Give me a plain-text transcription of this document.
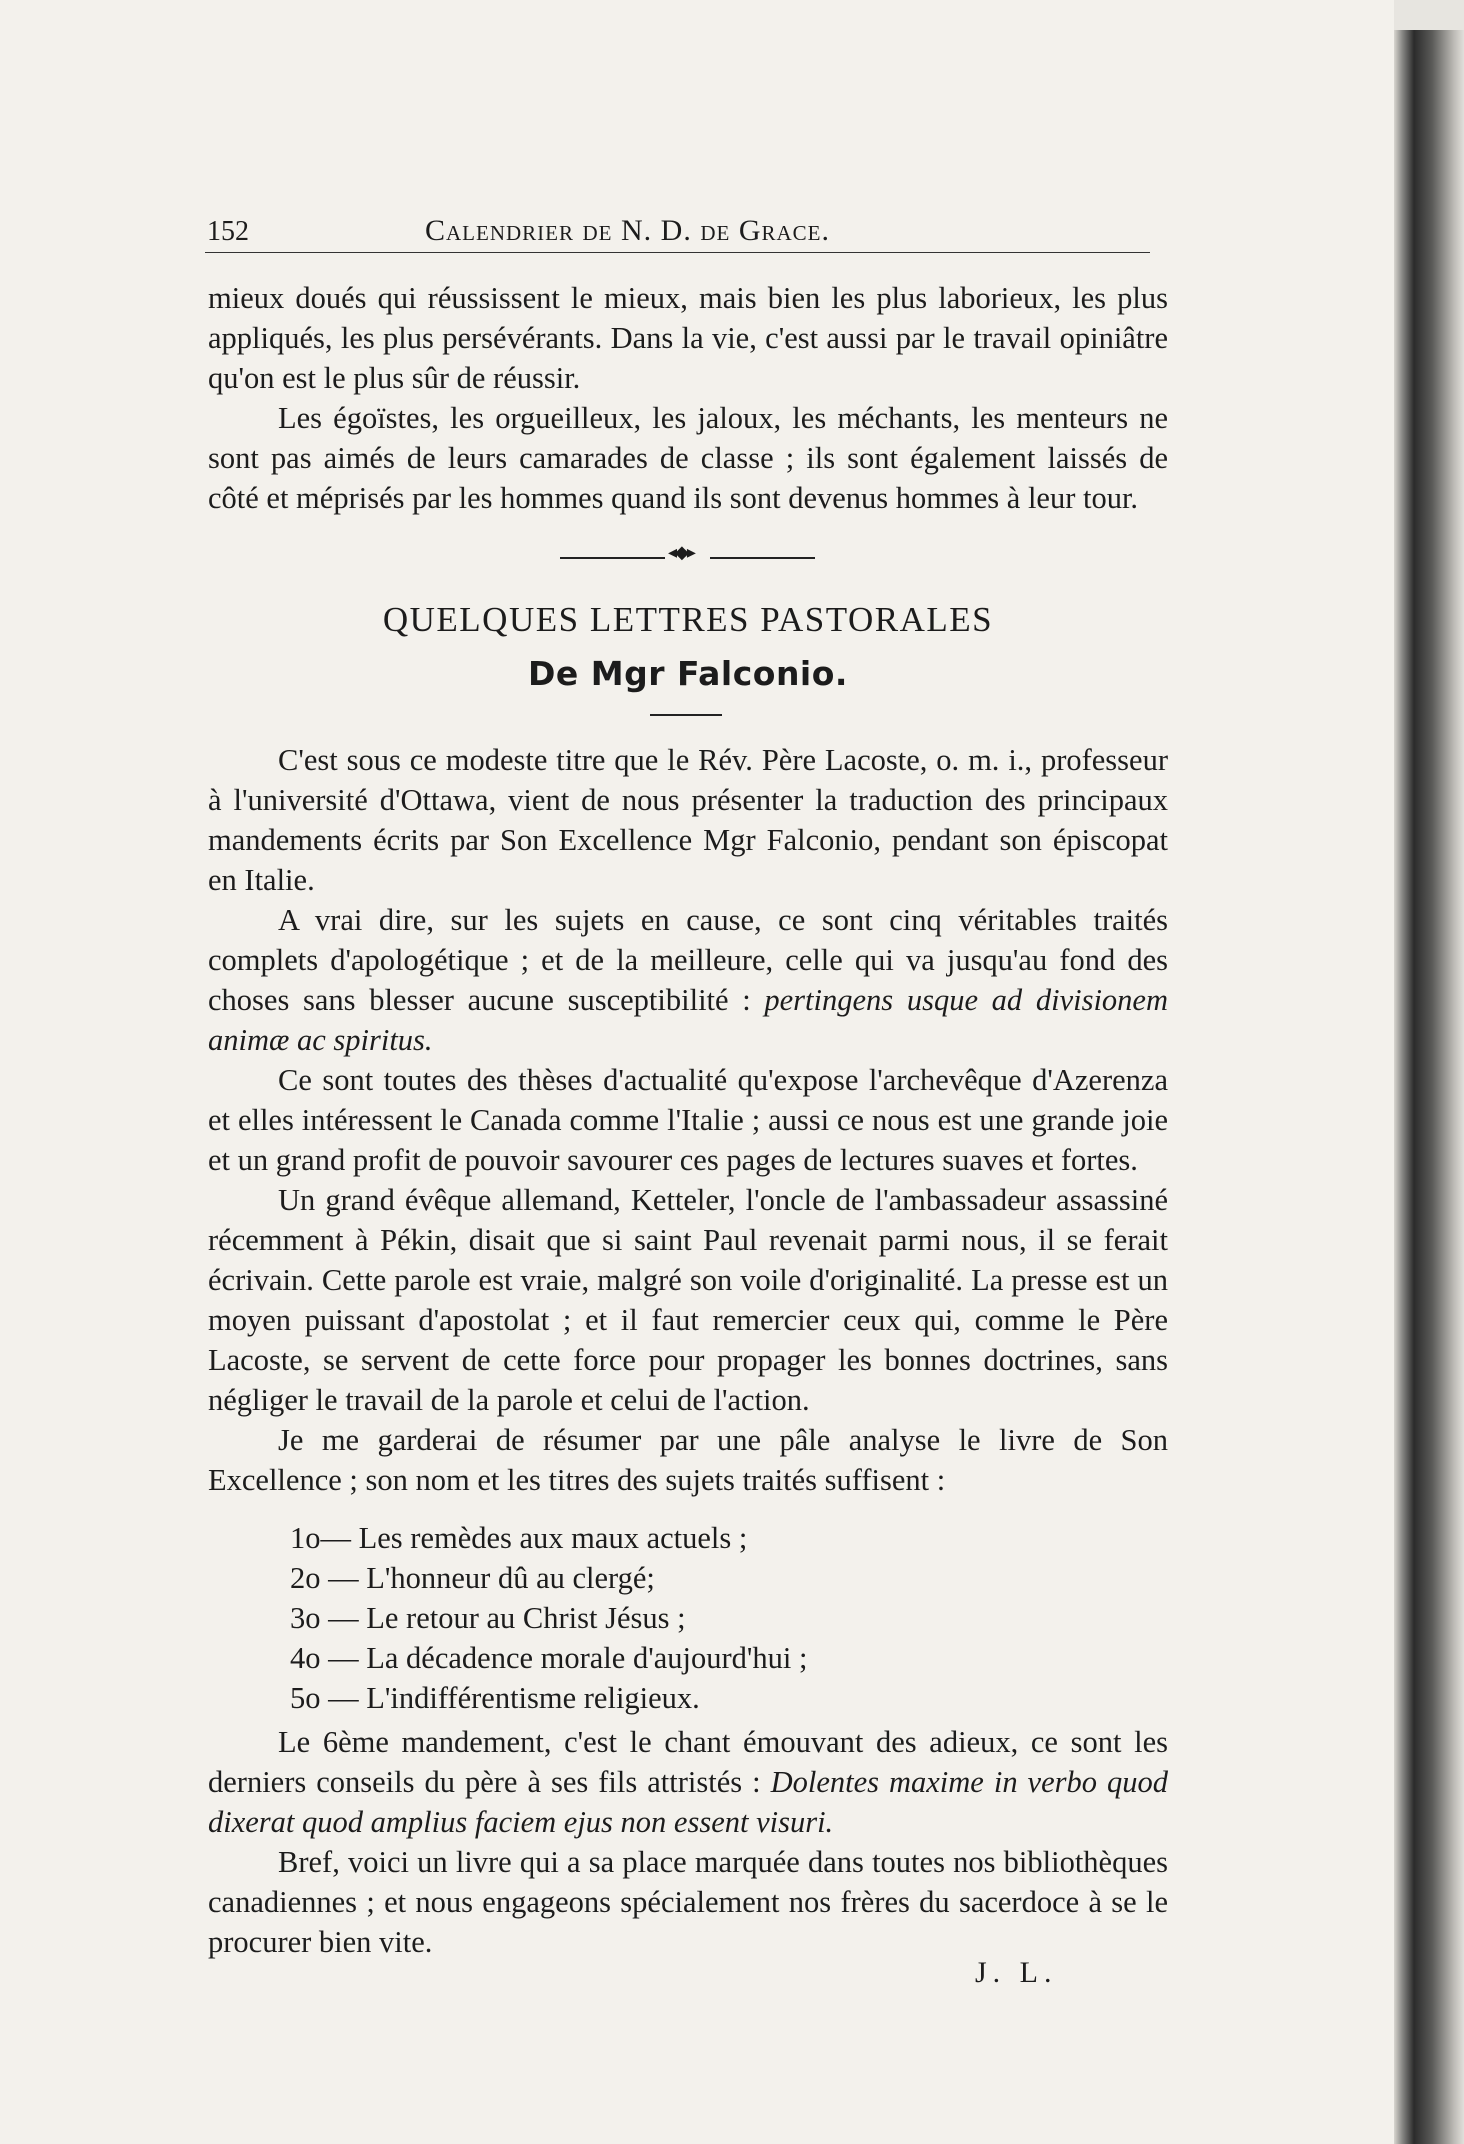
152	Calendrier de N. D. de Grace.

mieux doués qui réussissent le mieux, mais bien les plus laborieux, les plus appliqués, les plus persévérants. Dans la vie, c'est aussi par le travail opiniâtre qu'on est le plus sûr de réussir.

Les égoïstes, les orgueilleux, les jaloux, les méchants, les menteurs ne sont pas aimés de leurs camarades de classe ; ils sont également laissés de côté et méprisés par les hommes quand ils sont devenus hommes à leur tour.

◂◆▸
QUELQUES LETTRES PASTORALES
De Mgr Falconio.

C'est sous ce modeste titre que le Rév. Père Lacoste, o. m. i., professeur à l'université d'Ottawa, vient de nous présenter la traduction des principaux mandements écrits par Son Excellence Mgr Falconio, pendant son épiscopat en Italie.

A vrai dire, sur les sujets en cause, ce sont cinq véritables traités complets d'apologétique ; et de la meilleure, celle qui va jusqu'au fond des choses sans blesser aucune susceptibilité : pertingens usque ad divisionem animæ ac spiritus.

Ce sont toutes des thèses d'actualité qu'expose l'archevêque d'Azerenza et elles intéressent le Canada comme l'Italie ; aussi ce nous est une grande joie et un grand profit de pouvoir savourer ces pages de lectures suaves et fortes.

Un grand évêque allemand, Ketteler, l'oncle de l'ambassadeur assassiné récemment à Pékin, disait que si saint Paul revenait parmi nous, il se ferait écrivain. Cette parole est vraie, malgré son voile d'originalité. La presse est un moyen puissant d'apostolat ; et il faut remercier ceux qui, comme le Père Lacoste, se servent de cette force pour propager les bonnes doctrines, sans négliger le travail de la parole et celui de l'action.

Je me garderai de résumer par une pâle analyse le livre de Son Excellence ; son nom et les titres des sujets traités suffisent :

1o— Les remèdes aux maux actuels ;
2o — L'honneur dû au clergé;
3o — Le retour au Christ Jésus ;
4o — La décadence morale d'aujourd'hui ;
5o — L'indifférentisme religieux.

Le 6ème mandement, c'est le chant émouvant des adieux, ce sont les derniers conseils du père à ses fils attristés : Dolentes maxime in verbo quod dixerat quod amplius faciem ejus non essent visuri.

Bref, voici un livre qui a sa place marquée dans toutes nos bibliothèques canadiennes ; et nous engageons spécialement nos frères du sacerdoce à se le procurer bien vite.

J. L.
